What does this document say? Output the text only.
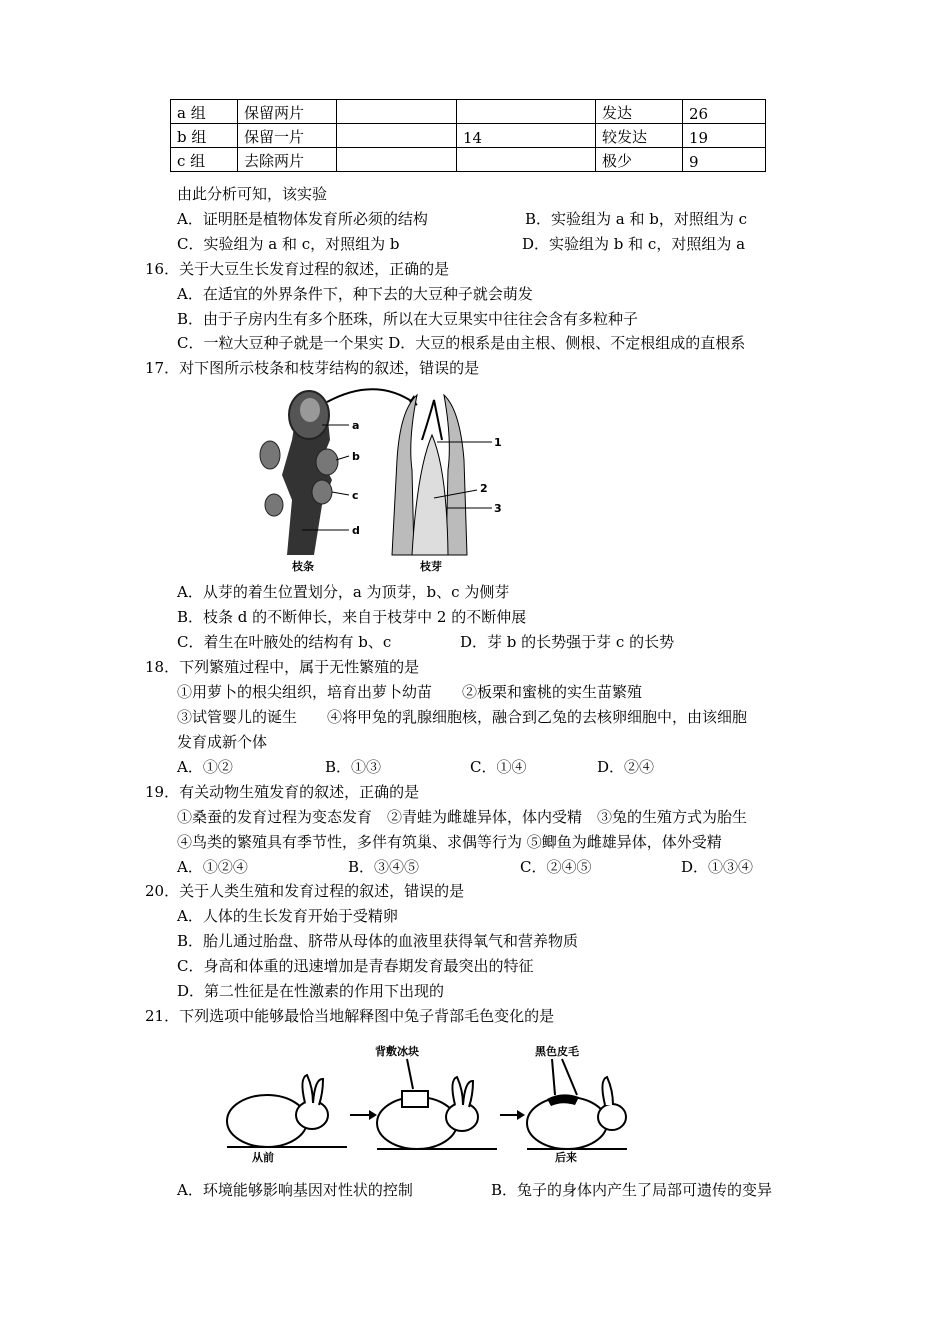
a 组	保留两片			发达	26
b 组	保留一片		14	较发达	19
c 组	去除两片			极少	9
由此分析可知，该实验
A．证明胚是植物体发育所必须的结构	B．实验组为 a 和 b，对照组为 c
C．实验组为 a 和 c，对照组为 b	D．实验组为 b 和 c，对照组为 a
16．关于大豆生长发育过程的叙述，正确的是
A．在适宜的外界条件下，种下去的大豆种子就会萌发
B．由于子房内生有多个胚珠，所以在大豆果实中往往会含有多粒种子
C．一粒大豆种子就是一个果实 D．大豆的根系是由主根、侧根、不定根组成的直根系
17．对下图所示枝条和枝芽结构的叙述，错误的是
a
b
c
d
1
2
3
枝条	枝芽
A．从芽的着生位置划分，a 为顶芽，b、c 为侧芽
B．枝条 d 的不断伸长，来自于枝芽中 2 的不断伸展
C．着生在叶腋处的结构有 b、c	D．芽 b 的长势强于芽 c 的长势
18．下列繁殖过程中，属于无性繁殖的是
①用萝卜的根尖组织，培育出萝卜幼苗　　②板栗和蜜桃的实生苗繁殖
③试管婴儿的诞生　　④将甲兔的乳腺细胞核，融合到乙兔的去核卵细胞中，由该细胞
发育成新个体
A．①②	B．①③	C．①④	D．②④
19．有关动物生殖发育的叙述，正确的是
①桑蚕的发育过程为变态发育　②青蛙为雌雄异体，体内受精　③兔的生殖方式为胎生
④鸟类的繁殖具有季节性，多伴有筑巢、求偶等行为 ⑤鲫鱼为雌雄异体，体外受精
A．①②④	B．③④⑤	C．②④⑤	D．①③④
20．关于人类生殖和发育过程的叙述，错误的是
A．人体的生长发育开始于受精卵
B．胎儿通过胎盘、脐带从母体的血液里获得氧气和营养物质
C．身高和体重的迅速增加是青春期发育最突出的特征
D．第二性征是在性激素的作用下出现的
21．下列选项中能够最恰当地解释图中兔子背部毛色变化的是
背敷冰块	黑色皮毛
从前	后来
A．环境能够影响基因对性状的控制	B．兔子的身体内产生了局部可遗传的变异
